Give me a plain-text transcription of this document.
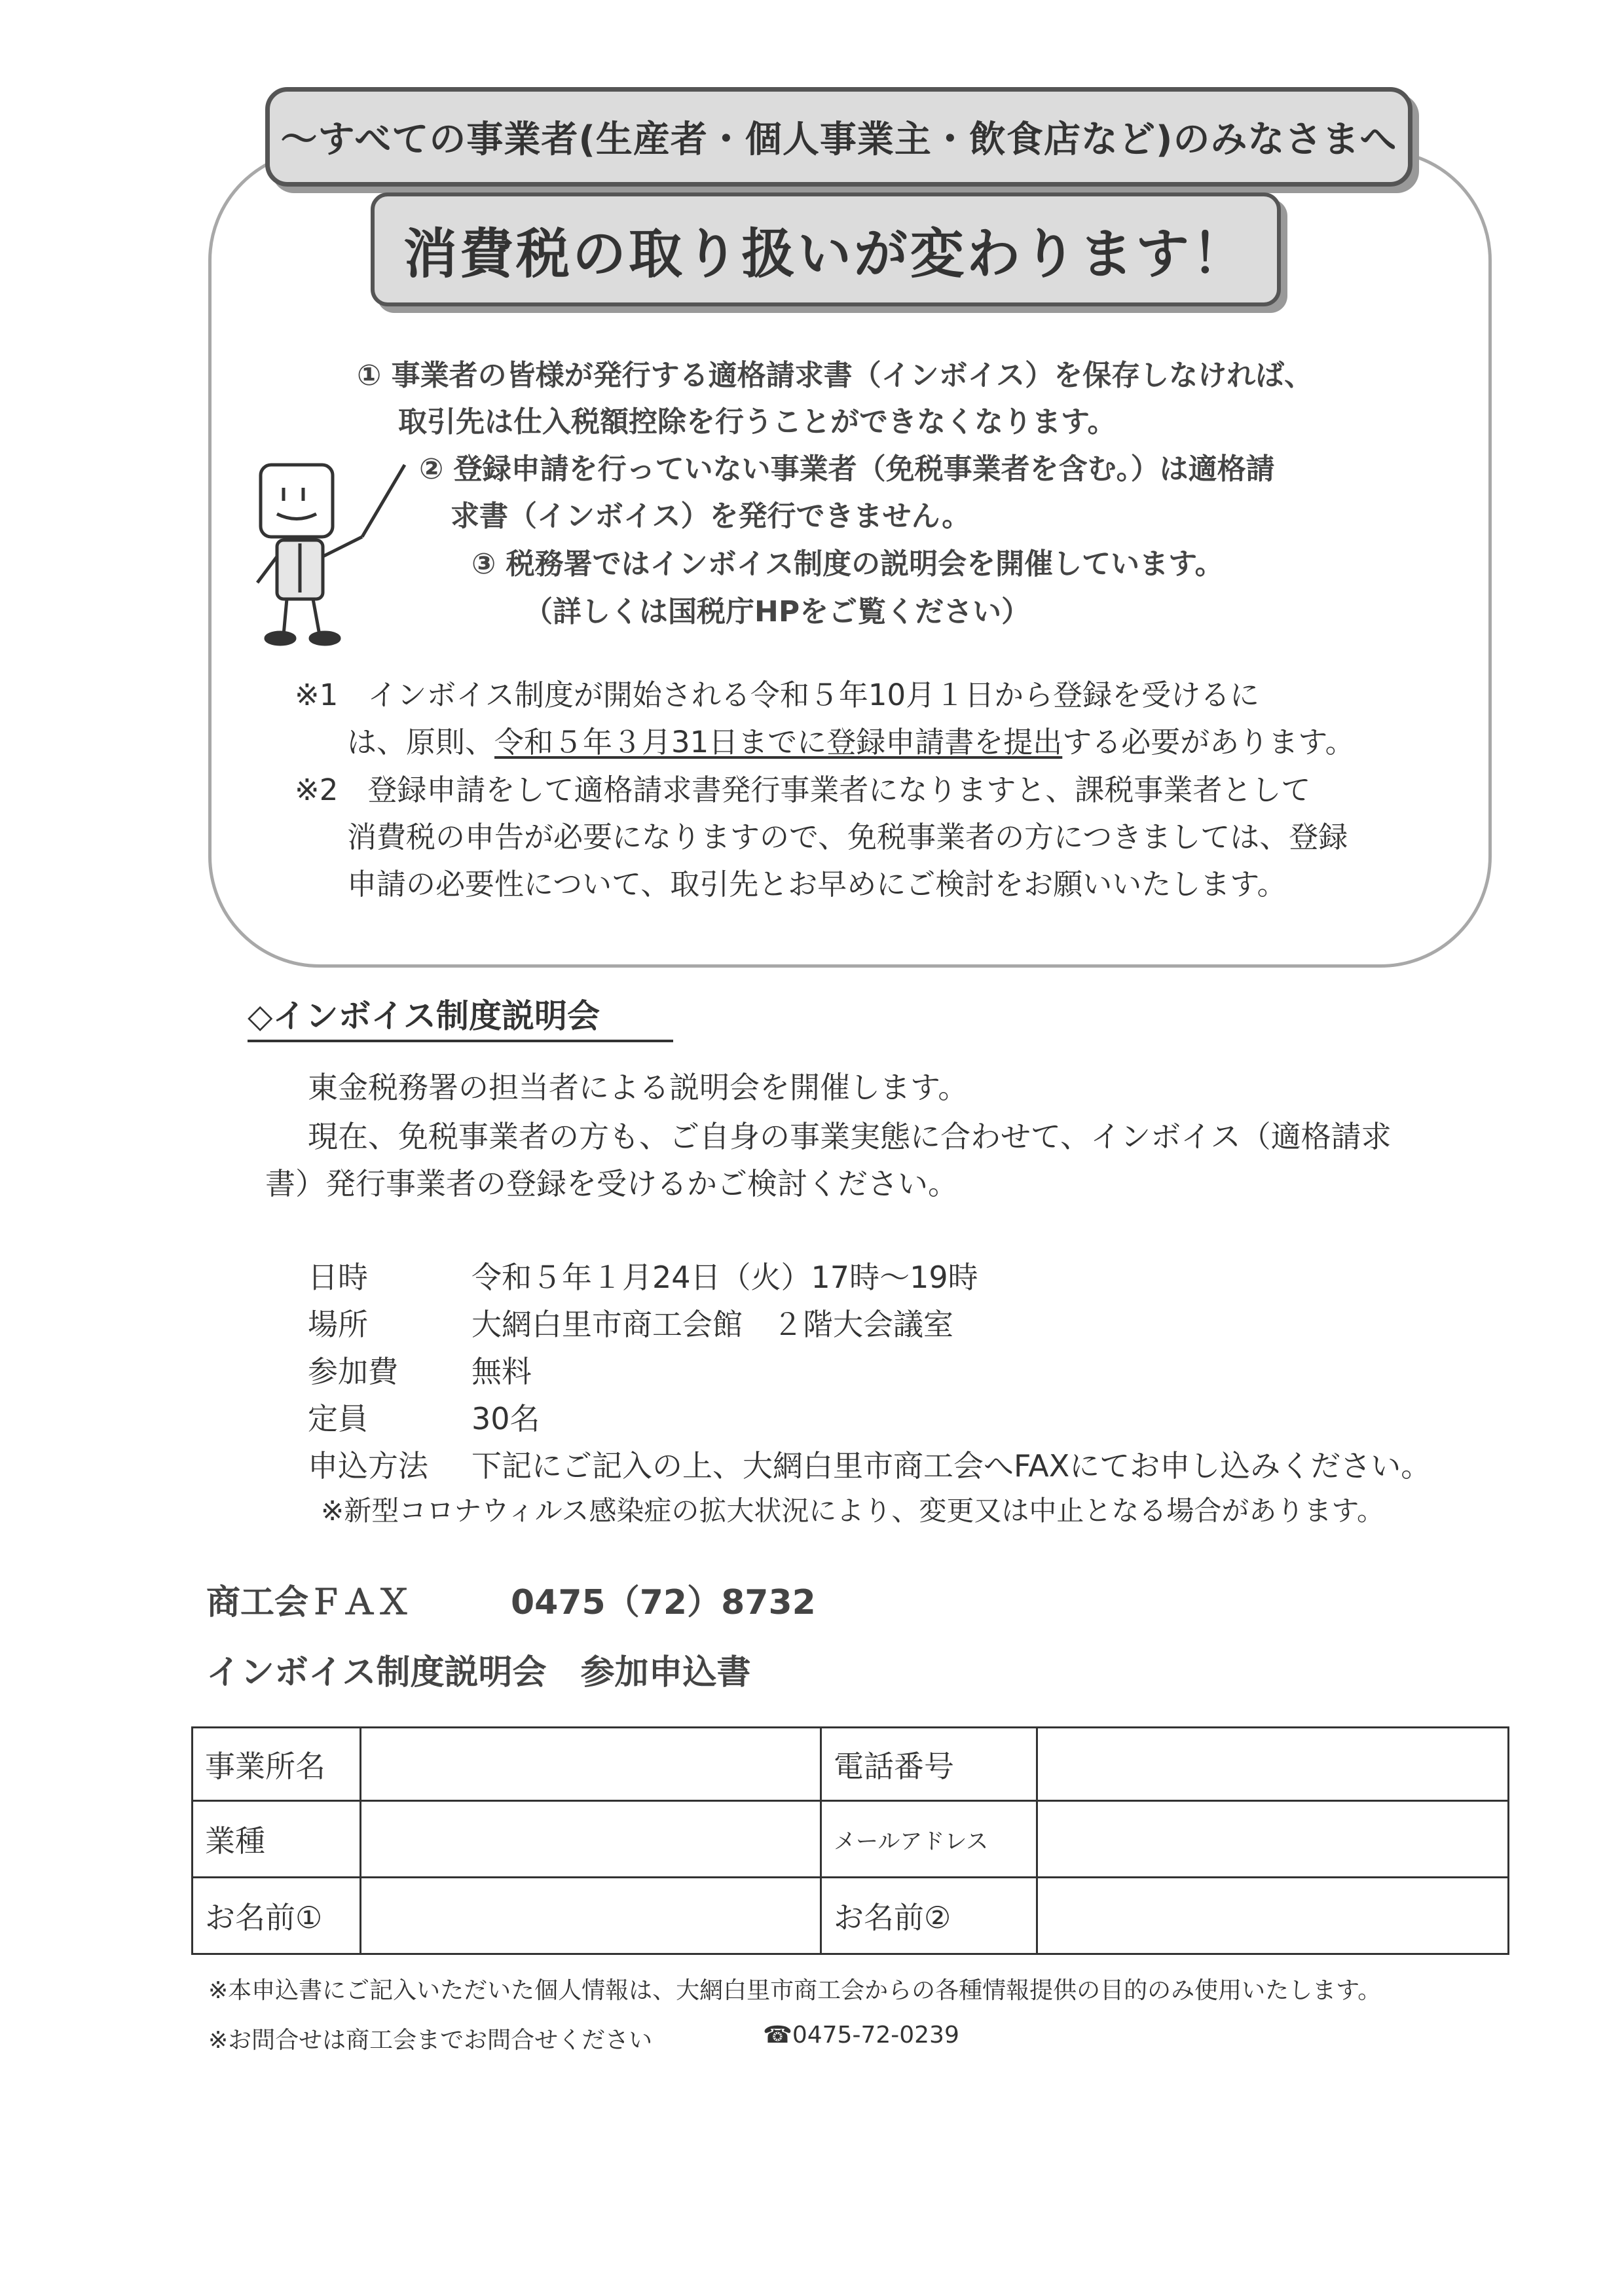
〜すべての事業者(生産者・個人事業主・飲食店など)のみなさまへ
消費税の取り扱いが変わります！
① 事業者の皆様が発行する適格請求書（インボイス）を保存しなければ、
取引先は仕入税額控除を行うことができなくなります。
② 登録申請を行っていない事業者（免税事業者を含む。）は適格請
求書（インボイス）を発行できません。
③ 税務署ではインボイス制度の説明会を開催しています。
（詳しくは国税庁HPをご覧ください）
※1　インボイス制度が開始される令和５年10月１日から登録を受けるに
は、原則、令和５年３月31日までに登録申請書を提出する必要があります。
※2　登録申請をして適格請求書発行事業者になりますと、課税事業者として
消費税の申告が必要になりますので、免税事業者の方につきましては、登録
申請の必要性について、取引先とお早めにご検討をお願いいたします。
◇インボイス制度説明会
東金税務署の担当者による説明会を開催します。
現在、免税事業者の方も、ご自身の事業実態に合わせて、インボイス（適格請求
書）発行事業者の登録を受けるかご検討ください。
日時	令和５年１月24日（火）17時〜19時
場所	大網白里市商工会館　２階大会議室
参加費 無料
定員	30名
申込方法 下記にご記入の上、大網白里市商工会へFAXにてお申し込みください。
※新型コロナウィルス感染症の拡大状況により、変更又は中止となる場合があります。
商工会ＦＡＸ	0475（72）8732
インボイス制度説明会　参加申込書
事業所名		電話番号	
業種		メールアドレス	
お名前①		お名前②	
※本申込書にご記入いただいた個人情報は、大網白里市商工会からの各種情報提供の目的のみ使用いたします。
※お問合せは商工会までお問合せください	☎0475-72-0239
